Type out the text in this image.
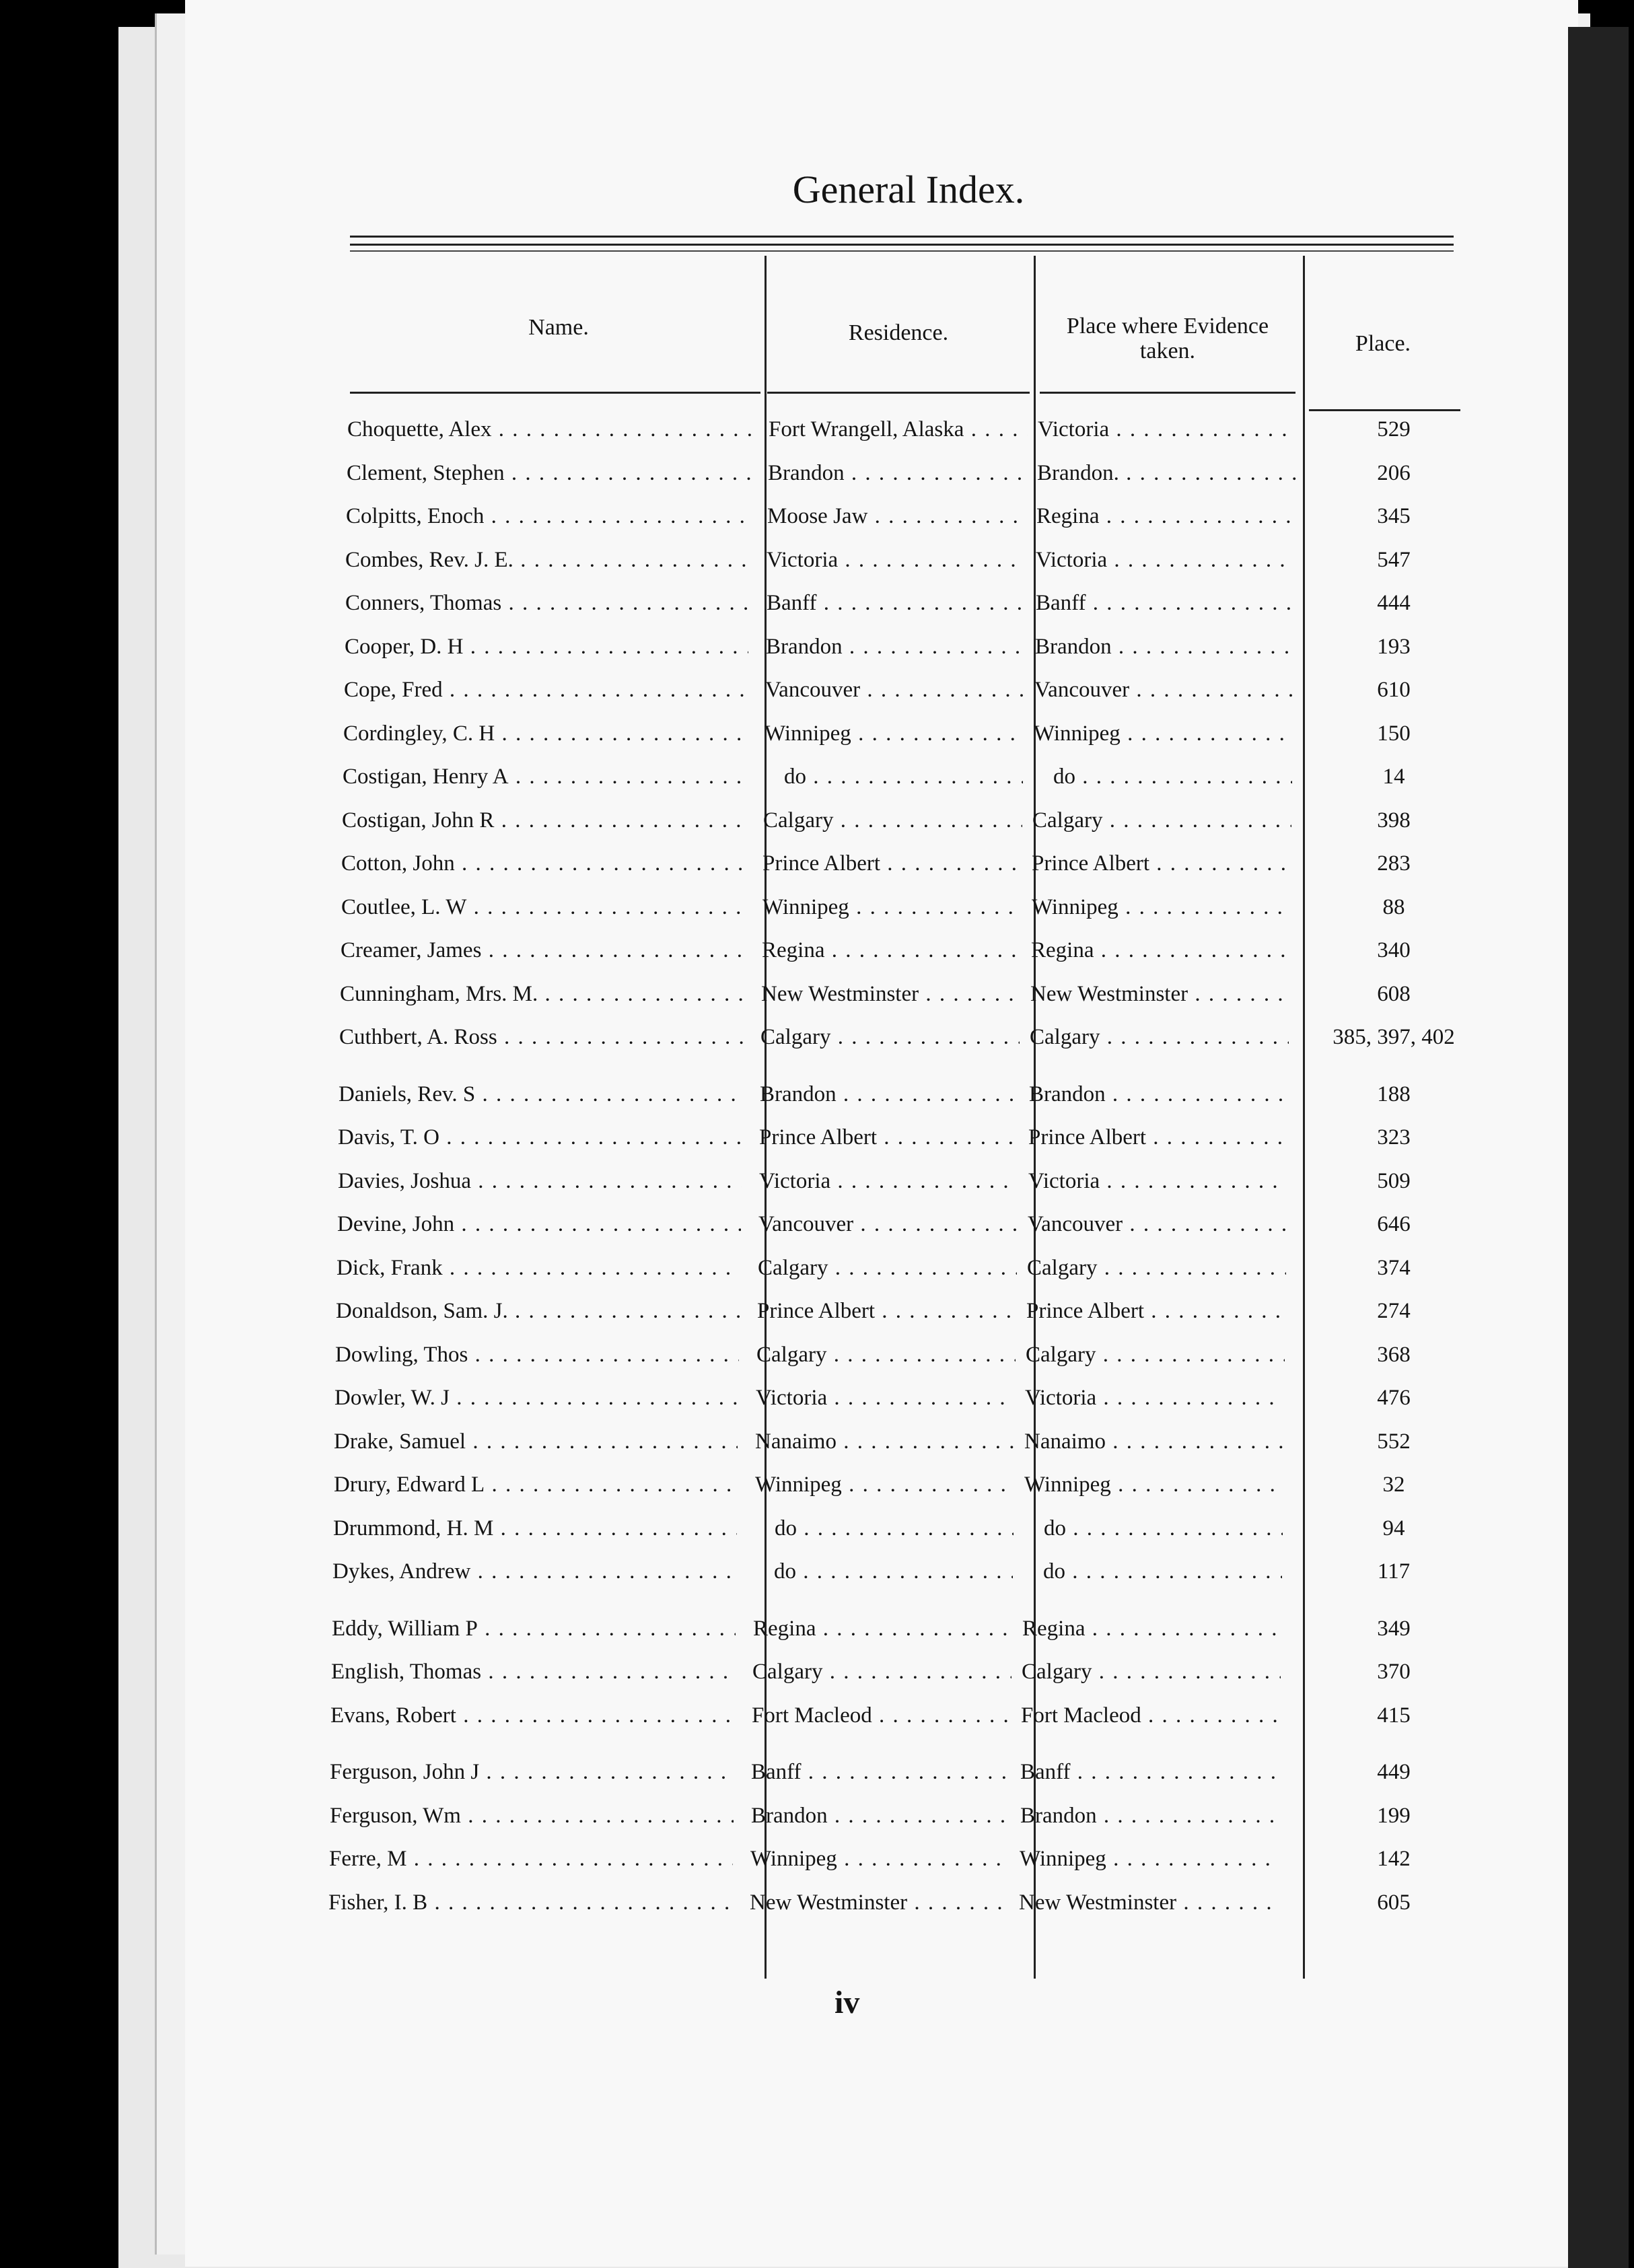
General Index.
Name.	Residence.	Place where Evidence taken.	Place.
Choquette, Alex . . .	Fort Wrangell, Alaska . . .	Victoria . . .	529
Clement, Stephen . . .	Brandon . . .	Brandon. . . .	206
Colpitts, Enoch . . .	Moose Jaw . . .	Regina . . .	345
Combes, Rev. J. E. . . .	Victoria . . .	Victoria . . .	547
Conners, Thomas . . .	Banff . . .	Banff . . .	444
Cooper, D. H . . .	Brandon . . .	Brandon . . .	193
Cope, Fred . . .	Vancouver . . .	Vancouver . . .	610
Cordingley, C. H . . .	Winnipeg . . .	Winnipeg . . .	150
Costigan, Henry A . . .	do . . .	do . . .	14
Costigan, John R . . .	Calgary . . .	Calgary . . .	398
Cotton, John . . .	Prince Albert . . .	Prince Albert . . .	283
Coutlee, L. W . . .	Winnipeg . . .	Winnipeg . . .	88
Creamer, James . . .	Regina . . .	Regina . . .	340
Cunningham, Mrs. M. . . .	New Westminster . . .	New Westminster . . .	608
Cuthbert, A. Ross . . .	Calgary . . .	Calgary . . .	385, 397, 402
Daniels, Rev. S . . .	Brandon . . .	Brandon . . .	188
Davis, T. O . . .	Prince Albert . . .	Prince Albert . . .	323
Davies, Joshua . . .	Victoria . . .	Victoria . . .	509
Devine, John . . .	Vancouver . . .	Vancouver . . .	646
Dick, Frank . . .	Calgary . . .	Calgary . . .	374
Donaldson, Sam. J. . . .	Prince Albert . . .	Prince Albert . . .	274
Dowling, Thos . . .	Calgary . . .	Calgary . . .	368
Dowler, W. J . . .	Victoria . . .	Victoria . . .	476
Drake, Samuel . . .	Nanaimo . . .	Nanaimo . . .	552
Drury, Edward L . . .	Winnipeg . . .	Winnipeg . . .	32
Drummond, H. M . . .	do . . .	do . . .	94
Dykes, Andrew . . .	do . . .	do . . .	117
Eddy, William P . . .	Regina . . .	Regina . . .	349
English, Thomas . . .	Calgary . . .	Calgary . . .	370
Evans, Robert . . .	Fort Macleod . . .	Fort Macleod . . .	415
Ferguson, John J . . .	Banff . . .	Banff . . .	449
Ferguson, Wm . . .	Brandon . . .	Brandon . . .	199
Ferre, M . . .	Winnipeg . . .	Winnipeg . . .	142
Fisher, I. B . . .	New Westminster . . .	New Westminster . . .	605
iv
